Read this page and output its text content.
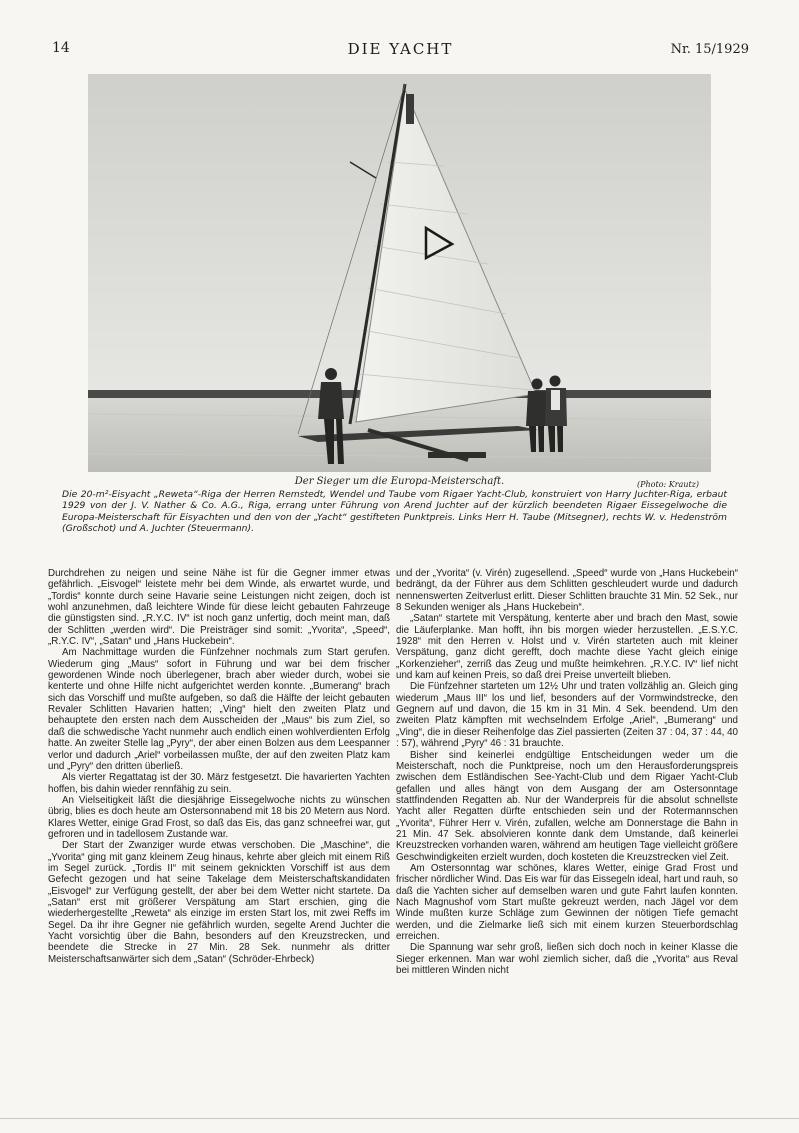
14	DIE YACHT	Nr. 15/1929
Der Sieger um die Europa-Meisterschaft.	(Photo: Krautz)
Die 20-m²-Eisyacht „Reweta“-Riga der Herren Remstedt, Wendel und Taube vom Rigaer Yacht-Club, konstruiert von Harry Juchter-Riga, erbaut 1929 von der J. V. Nather & Co. A.G., Riga, errang unter Führung von Arend Juchter auf der kürzlich beendeten Rigaer Eissegelwoche die Europa-Meisterschaft für Eisyachten und den von der „Yacht“ gestifteten Punktpreis. Links Herr H. Taube (Mitsegner), rechts W. v. Hedenström (Großschot) und A. Juchter (Steuermann).

Durchdrehen zu neigen und seine Nähe ist für die Gegner immer etwas gefährlich. „Eisvogel“ leistete mehr bei dem Winde, als erwartet wurde, und „Tordis“ konnte durch seine Havarie seine Leistungen nicht zeigen, doch ist wohl anzunehmen, daß leichtere Winde für diese leicht gebauten Fahrzeuge die günstigsten sind. „R.Y.C. IV“ ist noch ganz unfertig, doch meint man, daß der Schlitten „werden wird“. Die Preisträger sind somit: „Yvorita“, „Speed“, „R.Y.C. IV“, „Satan“ und „Hans Huckebein“.

Am Nachmittage wurden die Fünfzehner nochmals zum Start gerufen. Wiederum ging „Maus“ sofort in Führung und war bei dem frischer gewordenen Winde noch überlegener, brach aber wieder durch, wobei sie kenterte und ohne Hilfe nicht aufgerichtet werden konnte. „Bumerang“ brach sich das Vorschiff und mußte aufgeben, so daß die Hälfte der leicht gebauten Revaler Schlitten Havarien hatten; „Ving“ hielt den zweiten Platz und behauptete den ersten nach dem Ausscheiden der „Maus“ bis zum Ziel, so daß die schwedische Yacht nunmehr auch endlich einen wohlverdienten Erfolg hatte. An zweiter Stelle lag „Pyry“, der aber einen Bolzen aus dem Leespanner verlor und dadurch „Ariel“ vorbeilassen mußte, der auf den zweiten Platz kam und „Pyry“ den dritten überließ.

Als vierter Regattatag ist der 30. März festgesetzt. Die havarierten Yachten hoffen, bis dahin wieder rennfähig zu sein.

An Vielseitigkeit läßt die diesjährige Eissegelwoche nichts zu wünschen übrig, blies es doch heute am Ostersonnabend mit 18 bis 20 Metern aus Nord. Klares Wetter, einige Grad Frost, so daß das Eis, das ganz schneefrei war, gut gefroren und in tadellosem Zustande war.

Der Start der Zwanziger wurde etwas verschoben. Die „Maschine“, die „Yvorita“ ging mit ganz kleinem Zeug hinaus, kehrte aber gleich mit einem Riß im Segel zurück. „Tordis II“ mit seinem geknickten Vorschiff ist aus dem Gefecht gezogen und hat seine Takelage dem Meisterschaftskandidaten „Eisvogel“ zur Verfügung gestellt, der aber bei dem Wetter nicht startete. Da „Satan“ erst mit größerer Verspätung am Start erschien, ging die wiederhergestellte „Reweta“ als einzige im ersten Start los, mit zwei Reffs im Segel. Da ihr ihre Gegner nie gefährlich wurden, segelte Arend Juchter die Yacht vorsichtig über die Bahn, besonders auf den Kreuzstrecken, und beendete die Strecke in 27 Min. 28 Sek. nunmehr als dritter Meisterschaftsanwärter sich dem „Satan“ (Schröder-Ehrbeck)

und der „Yvorita“ (v. Virén) zugesellend. „Speed“ wurde von „Hans Huckebein“ bedrängt, da der Führer aus dem Schlitten geschleudert wurde und dadurch nennenswerten Zeitverlust erlitt. Dieser Schlitten brauchte 31 Min. 52 Sek., nur 8 Sekunden weniger als „Hans Huckebein“.

„Satan“ startete mit Verspätung, kenterte aber und brach den Mast, sowie die Läuferplanke. Man hofft, ihn bis morgen wieder herzustellen. „E.S.Y.C. 1928“ mit den Herren v. Holst und v. Virén starteten auch mit kleiner Verspätung, ganz dicht gerefft, doch machte diese Yacht gleich einige „Korkenzieher“, zerriß das Zeug und mußte heimkehren. „R.Y.C. IV“ lief nicht und kam auf keinen Preis, so daß drei Preise unverteilt blieben.

Die Fünfzehner starteten um 12½ Uhr und traten vollzählig an. Gleich ging wiederum „Maus III“ los und lief, besonders auf der Vormwindstrecke, den Gegnern auf und davon, die 15 km in 31 Min. 4 Sek. beendend. Um den zweiten Platz kämpften mit wechselndem Erfolge „Ariel“, „Bumerang“ und „Ving“, die in dieser Reihenfolge das Ziel passierten (Zeiten 37 : 04, 37 : 44, 40 : 57), während „Pyry“ 46 : 31 brauchte.

Bisher sind keinerlei endgültige Entscheidungen weder um die Meisterschaft, noch die Punktpreise, noch um den Herausforderungspreis zwischen dem Estländischen See-Yacht-Club und dem Rigaer Yacht-Club gefallen und alles hängt von dem Ausgang der am Ostersonntage stattfindenden Regatten ab. Nur der Wanderpreis für die absolut schnellste Yacht aller Regatten dürfte entschieden sein und der Rotermannschen „Yvorita“, Führer Herr v. Virén, zufallen, welche am Donnerstage die Bahn in 21 Min. 47 Sek. absolvieren konnte dank dem Umstande, daß keinerlei Kreuzstrecken vorhanden waren, während am heutigen Tage vielleicht größere Geschwindigkeiten erzielt wurden, doch kosteten die Kreuzstrecken viel Zeit.

Am Ostersonntag war schönes, klares Wetter, einige Grad Frost und frischer nördlicher Wind. Das Eis war für das Eissegeln ideal, hart und rauh, so daß die Yachten sicher auf demselben waren und gute Fahrt laufen konnten. Nach Magnushof vom Start mußte gekreuzt werden, nach Jägel vor dem Winde mußten kurze Schläge zum Gewinnen der nötigen Tiefe gemacht werden, und die Zielmarke ließ sich mit einem kurzen Steuerbordschlag erreichen.

Die Spannung war sehr groß, ließen sich doch noch in keiner Klasse die Sieger erkennen. Man war wohl ziemlich sicher, daß die „Yvorita“ aus Reval bei mittleren Winden nicht
